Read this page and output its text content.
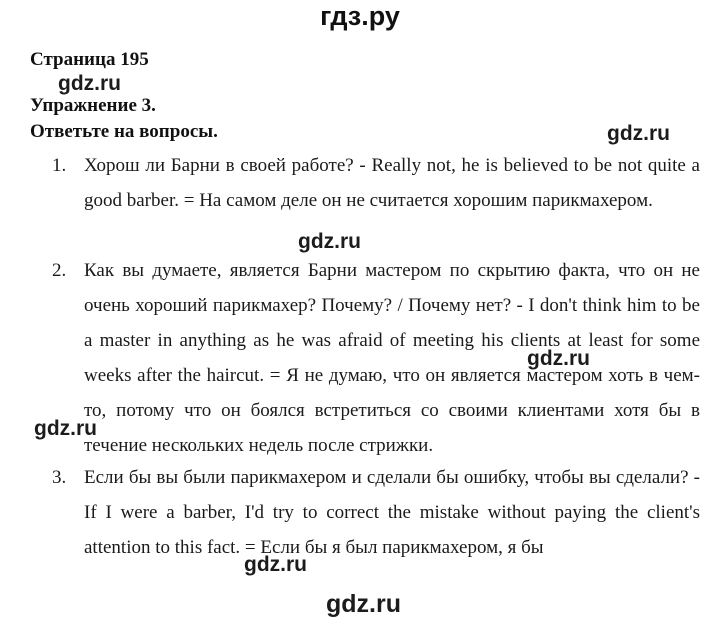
гдз.ру
Страница 195
Упражнение 3.
Ответьте на вопросы.
1. Хорош ли Барни в своей работе? - Really not, he is believed to be not quite a good barber. = На самом деле он не считается хорошим парикмахером.
2. Как вы думаете, является Барни мастером по скрытию факта, что он не очень хороший парикмахер? Почему? / Почему нет? - I don't think him to be a master in anything as he was afraid of meeting his clients at least for some weeks after the haircut. = Я не думаю, что он является мастером хоть в чем-то, потому что он боялся встретиться со своими клиентами хотя бы в течение нескольких недель после стрижки.
3. Если бы вы были парикмахером и сделали бы ошибку, чтобы вы сделали? - If I were a barber, I'd try to correct the mistake without paying the client's attention to this fact. = Если бы я был парикмахером, я бы
gdz.ru
gdz.ru
gdz.ru
gdz.ru
gdz.ru
gdz.ru
gdz.ru
